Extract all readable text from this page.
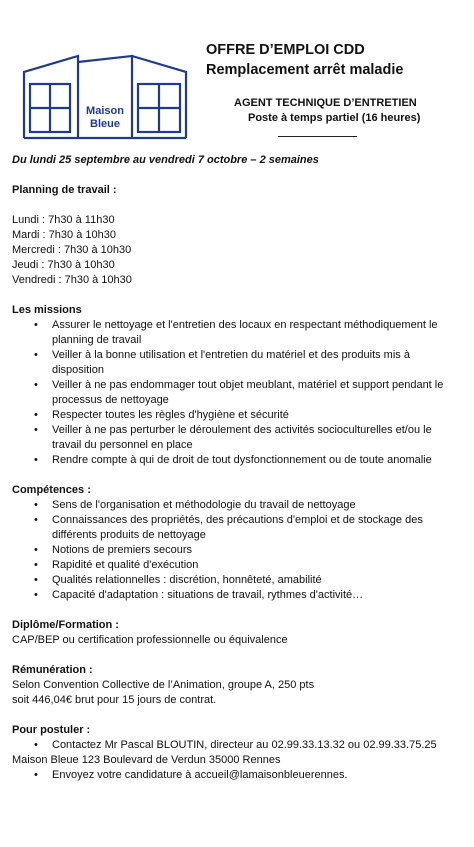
Maison
Bleue
OFFRE D’EMPLOI CDD
Remplacement arrêt maladie
AGENT TECHNIQUE D’ENTRETIEN
Poste à temps partiel (16 heures)
Du lundi 25 septembre au vendredi 7 octobre – 2 semaines
Planning de travail :
Lundi : 7h30 à 11h30
Mardi : 7h30 à 10h30
Mercredi : 7h30 à 10h30
Jeudi : 7h30 à 10h30
Vendredi : 7h30 à 10h30
Les missions
• Assurer le nettoyage et l'entretien des locaux en respectant méthodiquement le
planning de travail
• Veiller à la bonne utilisation et l'entretien du matériel et des produits mis à
disposition
• Veiller à ne pas endommager tout objet meublant, matériel et support pendant le
processus de nettoyage
• Respecter toutes les règles d'hygiène et sécurité
• Veiller à ne pas perturber le déroulement des activités socioculturelles et/ou le
travail du personnel en place
• Rendre compte à qui de droit de tout dysfonctionnement ou de toute anomalie
Compétences :
• Sens de l'organisation et méthodologie du travail de nettoyage
• Connaissances des propriétés, des précautions d'emploi et de stockage des
différents produits de nettoyage
• Notions de premiers secours
• Rapidité et qualité d'exécution
• Qualités relationnelles : discrétion, honnêteté, amabilité
• Capacité d'adaptation : situations de travail, rythmes d'activité…
Diplôme/Formation :
CAP/BEP ou certification professionnelle ou équivalence
Rémunération :
Selon Convention Collective de l’Animation, groupe A, 250 pts
soit 446,04€ brut pour 15 jours de contrat.
Pour postuler :
•	Contactez Mr Pascal BLOUTIN, directeur au 02.99.33.13.32 ou 02.99.33.75.25
Maison Bleue 123 Boulevard de Verdun 35000 Rennes
• Envoyez votre candidature à accueil@lamaisonbleuerennes.
